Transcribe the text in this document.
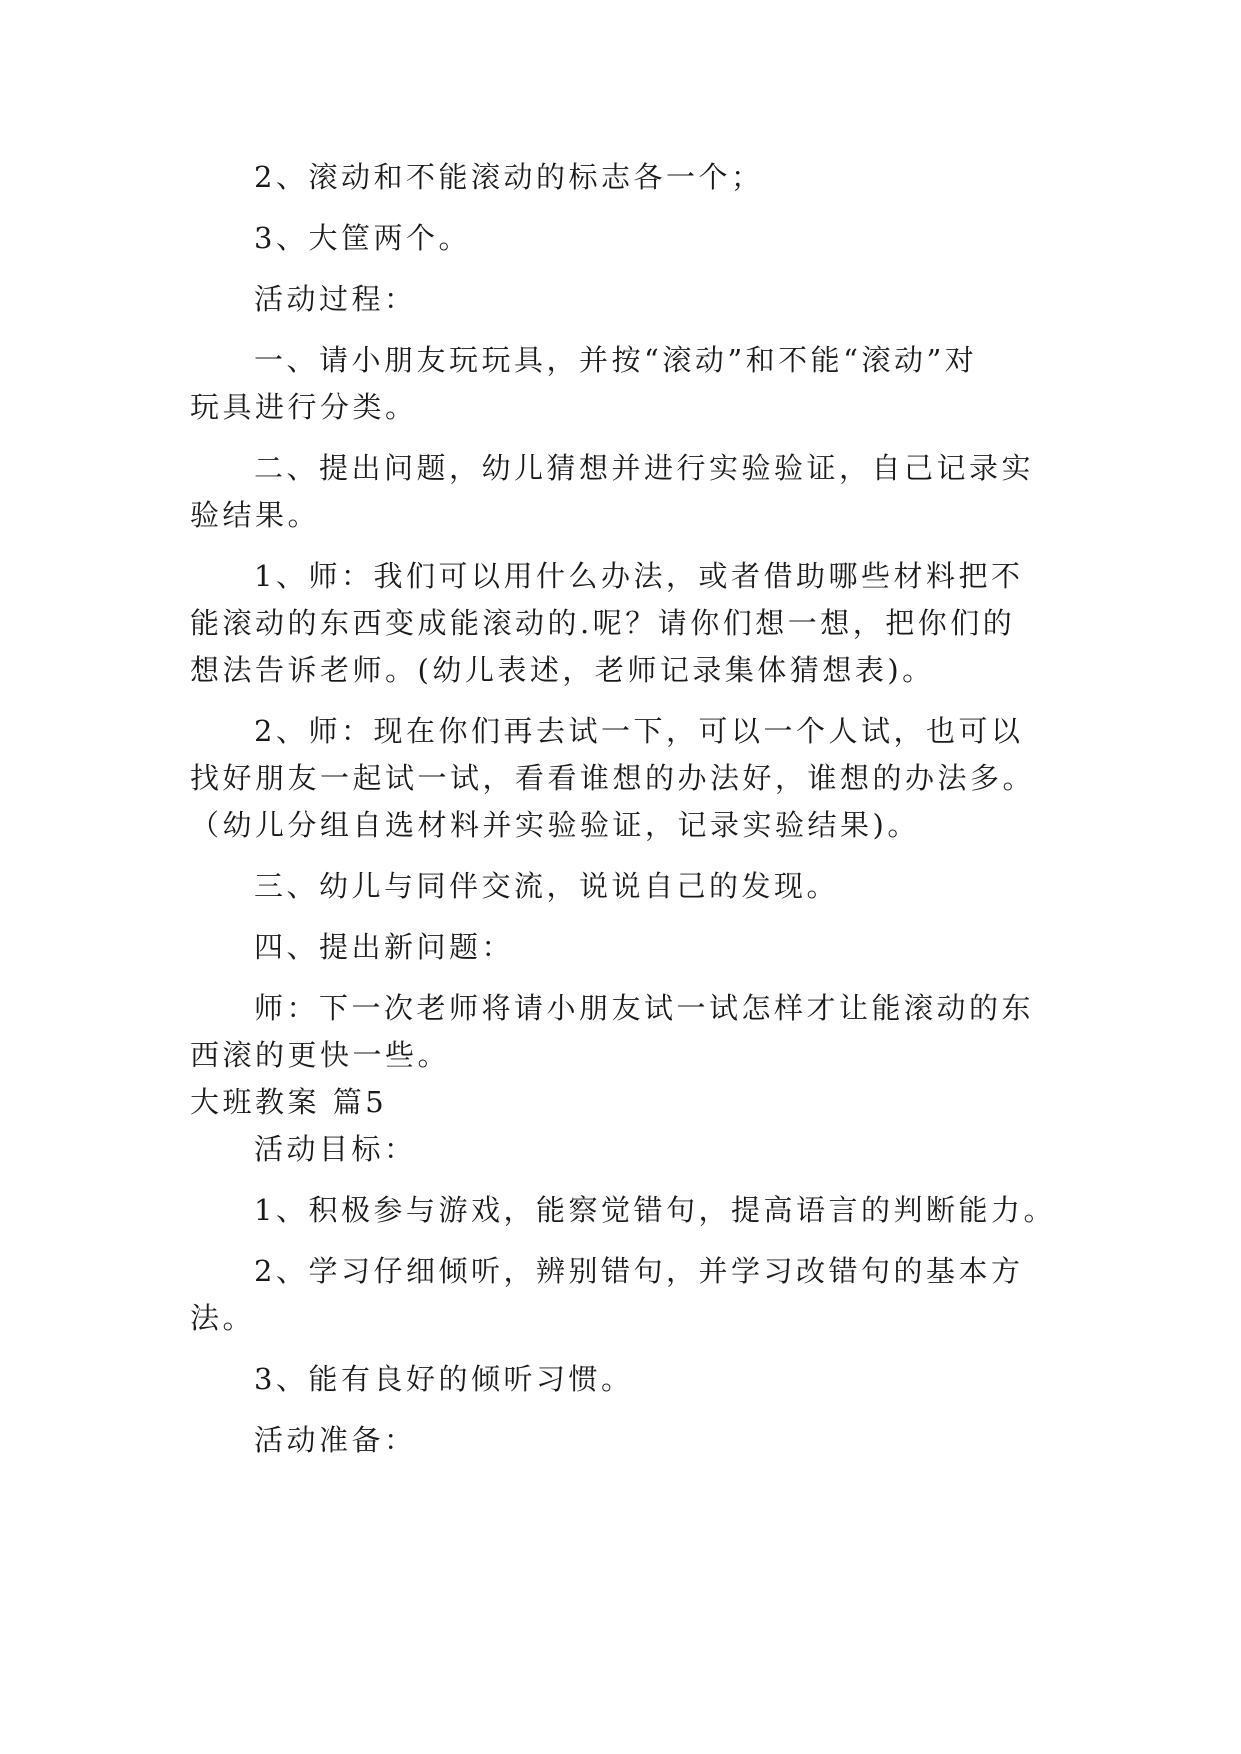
2、滚动和不能滚动的标志各一个；

3、大筐两个。

活动过程：

一、请小朋友玩玩具，并按“滚动”和不能“滚动”对

玩具进行分类。

二、提出问题，幼儿猜想并进行实验验证，自己记录实

验结果。

1、师：我们可以用什么办法，或者借助哪些材料把不

能滚动的东西变成能滚动的.呢？请你们想一想，把你们的

想法告诉老师。(幼儿表述，老师记录集体猜想表)。

2、师：现在你们再去试一下，可以一个人试，也可以

找好朋友一起试一试，看看谁想的办法好，谁想的办法多。

（幼儿分组自选材料并实验验证，记录实验结果)。

三、幼儿与同伴交流，说说自己的发现。

四、提出新问题：

师：下一次老师将请小朋友试一试怎样才让能滚动的东

西滚的更快一些。

大班教案 篇5

活动目标：

1、积极参与游戏，能察觉错句，提高语言的判断能力。

2、学习仔细倾听，辨别错句，并学习改错句的基本方

法。

3、能有良好的倾听习惯。

活动准备：
